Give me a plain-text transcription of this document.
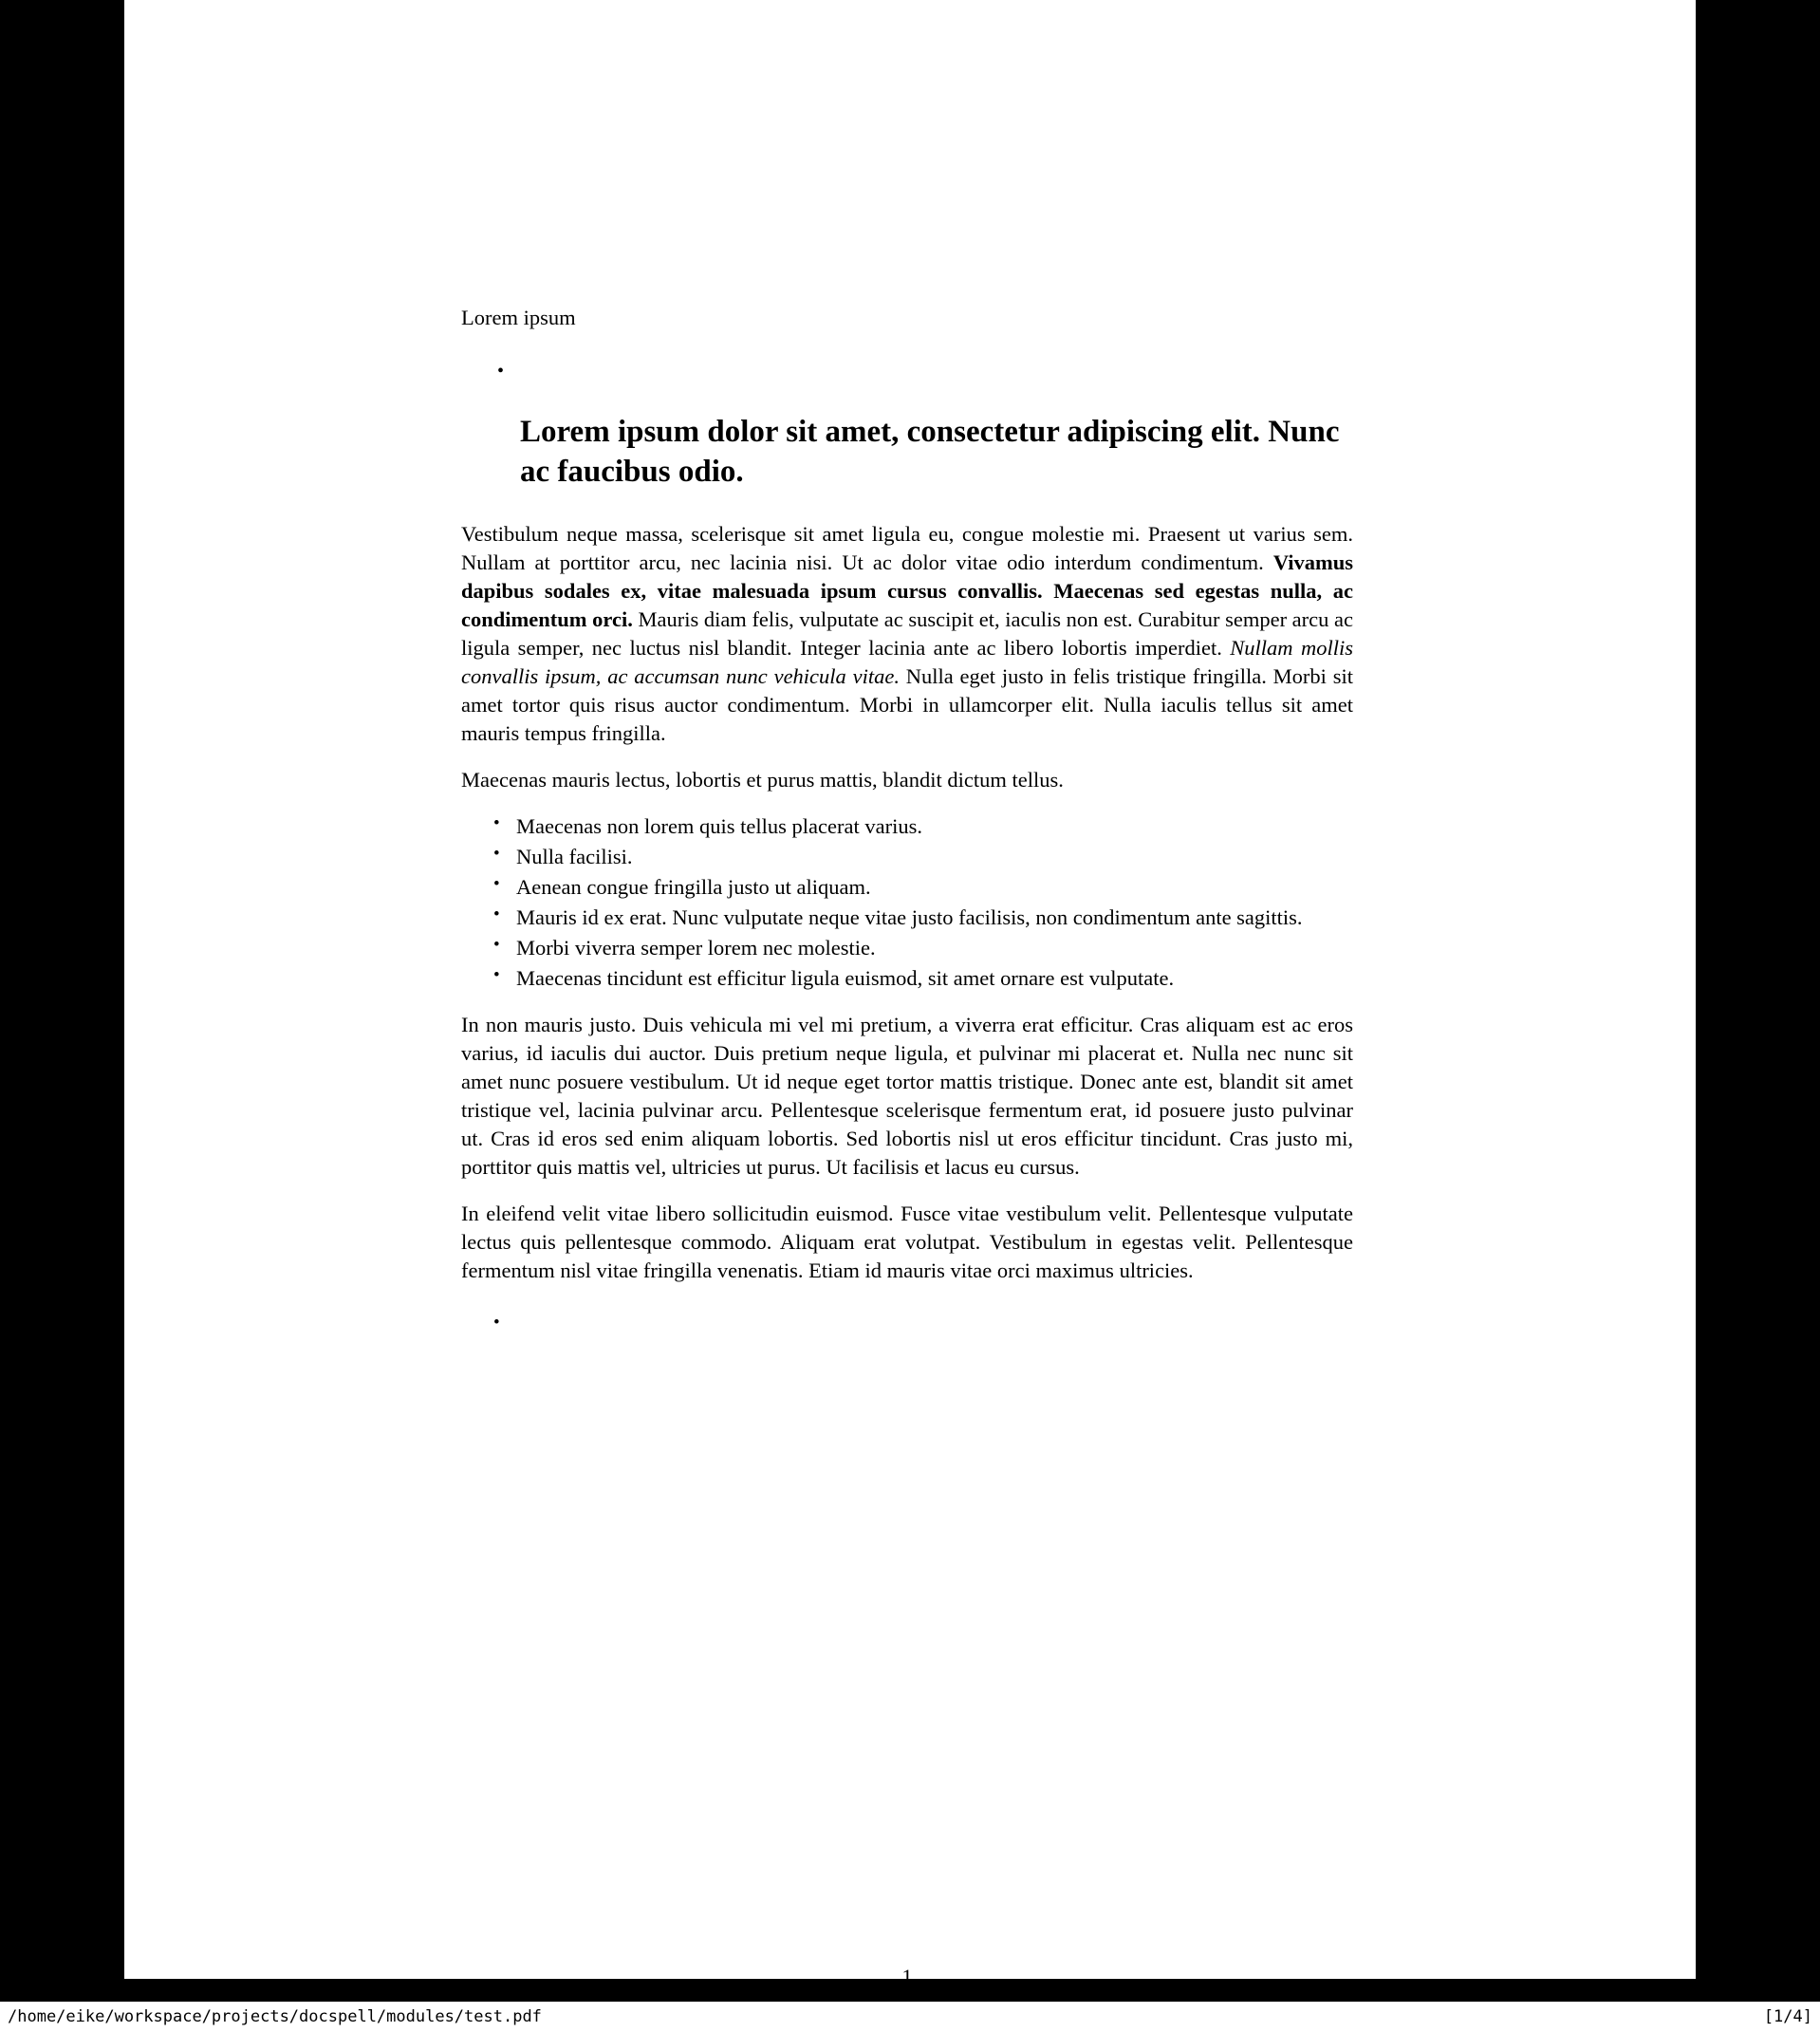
Lorem ipsum
•
Lorem ipsum dolor sit amet, consectetur adipiscing elit. Nunc ac faucibus odio.

Vestibulum neque massa, scelerisque sit amet ligula eu, congue molestie mi. Praesent ut varius sem. Nullam at porttitor arcu, nec lacinia nisi. Ut ac dolor vitae odio interdum condimentum. Vivamus dapibus sodales ex, vitae malesuada ipsum cursus convallis. Maecenas sed egestas nulla, ac condimentum orci. Mauris diam felis, vulputate ac suscipit et, iaculis non est. Curabitur semper arcu ac ligula semper, nec luctus nisl blandit. Integer lacinia ante ac libero lobortis imperdiet. Nullam mollis convallis ipsum, ac accumsan nunc vehicula vitae. Nulla eget justo in felis tristique fringilla. Morbi sit amet tortor quis risus auctor condimentum. Morbi in ullamcorper elit. Nulla iaculis tellus sit amet mauris tempus fringilla.

Maecenas mauris lectus, lobortis et purus mattis, blandit dictum tellus.

• Maecenas non lorem quis tellus placerat varius.
• Nulla facilisi.
• Aenean congue fringilla justo ut aliquam.
• Mauris id ex erat. Nunc vulputate neque vitae justo facilisis, non condimentum ante sagittis.
• Morbi viverra semper lorem nec molestie.
• Maecenas tincidunt est efficitur ligula euismod, sit amet ornare est vulputate.

In non mauris justo. Duis vehicula mi vel mi pretium, a viverra erat efficitur. Cras aliquam est ac eros varius, id iaculis dui auctor. Duis pretium neque ligula, et pulvinar mi placerat et. Nulla nec nunc sit amet nunc posuere vestibulum. Ut id neque eget tortor mattis tristique. Donec ante est, blandit sit amet tristique vel, lacinia pulvinar arcu. Pellentesque scelerisque fermentum erat, id posuere justo pulvinar ut. Cras id eros sed enim aliquam lobortis. Sed lobortis nisl ut eros efficitur tincidunt. Cras justo mi, porttitor quis mattis vel, ultricies ut purus. Ut facilisis et lacus eu cursus.

In eleifend velit vitae libero sollicitudin euismod. Fusce vitae vestibulum velit. Pellentesque vulputate lectus quis pellentesque commodo. Aliquam erat volutpat. Vestibulum in egestas velit. Pellentesque fermentum nisl vitae fringilla venenatis. Etiam id mauris vitae orci maximus ultricies.

•
1
/home/eike/workspace/projects/docspell/modules/test.pdf	[1/4]
